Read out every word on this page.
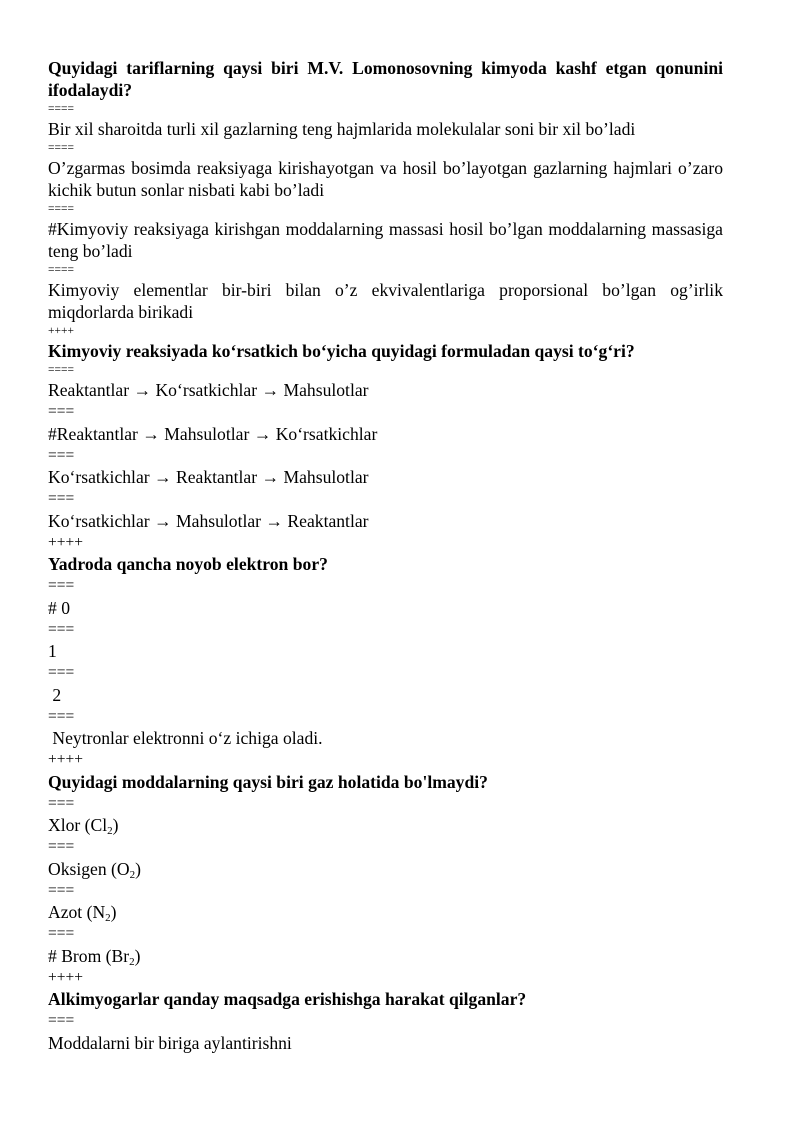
Quyidagi tariflarning qaysi biri M.V. Lomonosovning kimyoda kashf etgan qonunini ifodalaydi?
====
Bir xil sharoitda turli xil gazlarning teng hajmlarida molekulalar soni bir xil bo’ladi
====
O’zgarmas bosimda reaksiyaga kirishayotgan va hosil bo’layotgan gazlarning hajmlari o’zaro kichik butun sonlar nisbati kabi bo’ladi
====
#Kimyoviy reaksiyaga kirishgan moddalarning massasi hosil bo’lgan moddalarning massasiga teng bo’ladi
====
Kimyoviy elementlar bir-biri bilan o’z ekvivalentlariga proporsional bo’lgan og’irlik miqdorlarda birikadi
++++
Kimyoviy reaksiyada ko‘rsatkich bo‘yicha quyidagi formuladan qaysi to‘g‘ri?
====
Reaktantlar → Ko‘rsatkichlar → Mahsulotlar
===
#Reaktantlar → Mahsulotlar → Ko‘rsatkichlar
===
Ko‘rsatkichlar → Reaktantlar → Mahsulotlar
===
Ko‘rsatkichlar → Mahsulotlar → Reaktantlar
++++
Yadroda qancha noyob elektron bor?
===
# 0
===
1
===
2
===
Neytronlar elektronni o‘z ichiga oladi.
++++
Quyidagi moddalarning qaysi biri gaz holatida bo'lmaydi?
===
Xlor $(Cl_2)$
===
Oksigen $(O_2)$
===
Azot $(N_2)$
===
# Brom $(Br_2)$
++++
Alkimyogarlar qanday maqsadga erishishga harakat qilganlar?
===
Moddalarni bir biriga aylantirishni
